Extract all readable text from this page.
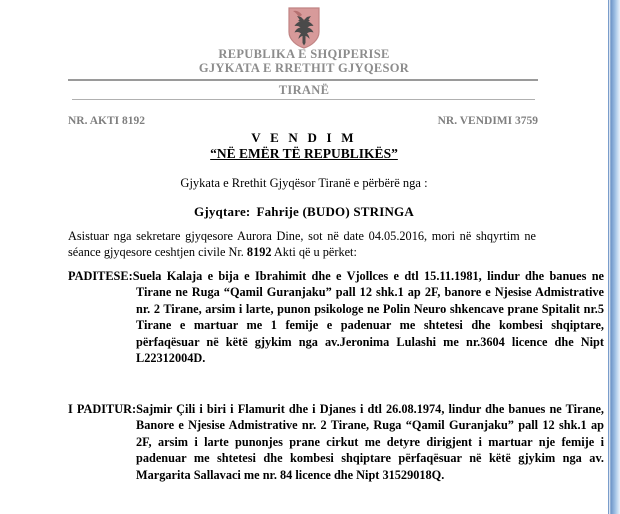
REPUBLIKA E SHQIPERISE
GJYKATA E RRETHIT GJYQESOR
TIRANË
NR. AKTI 8192	NR. VENDIMI 3759
V E N D I M
“NË EMËR TË REPUBLIKËS”
Gjykata e Rrethit Gjyqësor Tiranë e përbërë nga :
Gjyqtare: Fahrije (BUDO) STRINGA
Asistuar nga sekretare gjyqesore Aurora Dine, sot në date 04.05.2016, mori në shqyrtim ne séance gjyqesore ceshtjen civile Nr. 8192 Akti që u përket:
PADITESE:Suela Kalaja e bija e Ibrahimit dhe e Vjollces e dtl 15.11.1981, lindur dhe banues ne Tirane ne Ruga “Qamil Guranjaku” pall 12 shk.1 ap 2F, banore e Njesise Admistrative nr. 2 Tirane, arsim i larte, punon psikologe ne Polin Neuro shkencave prane Spitalit nr.5 Tirane e martuar me 1 femije e padenuar me shtetesi dhe kombesi shqiptare, përfaqësuar në këtë gjykim nga av.Jeronima Lulashi me nr.3604 licence dhe Nipt L22312004D.
I PADITUR:Sajmir Çili i biri i Flamurit dhe i Djanes i dtl 26.08.1974, lindur dhe banues ne Tirane, Banore e Njesise Admistrative nr. 2 Tirane, Ruga “Qamil Guranjaku” pall 12 shk.1 ap 2F, arsim i larte punonjes prane cirkut me detyre dirigjent i martuar nje femije i padenuar me shtetesi dhe kombesi shqiptare përfaqësuar në këtë gjykim nga av. Margarita Sallavaci me nr. 84 licence dhe Nipt 31529018Q.
